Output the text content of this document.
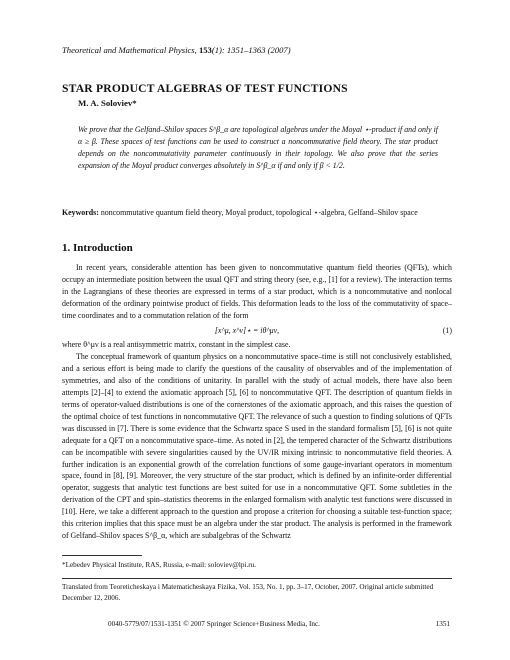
Theoretical and Mathematical Physics, 153(1): 1351–1363 (2007)
STAR PRODUCT ALGEBRAS OF TEST FUNCTIONS
M. A. Soloviev*

We prove that the Gelfand–Shilov spaces S^β_α are topological algebras under the Moyal ⋆-product if and only if α ≥ β. These spaces of test functions can be used to construct a noncommutative field theory. The star product depends on the noncommutativity parameter continuously in their topology. We also prove that the series expansion of the Moyal product converges absolutely in S^β_α if and only if β < 1/2.

Keywords: noncommutative quantum field theory, Moyal product, topological ⋆-algebra, Gelfand–Shilov space
1. Introduction

In recent years, considerable attention has been given to noncommutative quantum field theories (QFTs), which occupy an intermediate position between the usual QFT and string theory (see, e.g., [1] for a review). The interaction terms in the Lagrangians of these theories are expressed in terms of a star product, which is a noncommutative and nonlocal deformation of the ordinary pointwise product of fields. This deformation leads to the loss of the commutativity of space–time coordinates and to a commutation relation of the form

[x^μ, x^ν]⋆ = iθ^μν,	(1)

where θ^μν is a real antisymmetric matrix, constant in the simplest case.

The conceptual framework of quantum physics on a noncommutative space–time is still not conclusively established, and a serious effort is being made to clarify the questions of the causality of observables and of the implementation of symmetries, and also of the conditions of unitarity. In parallel with the study of actual models, there have also been attempts [2]–[4] to extend the axiomatic approach [5], [6] to noncommutative QFT. The description of quantum fields in terms of operator-valued distributions is one of the cornerstones of the axiomatic approach, and this raises the question of the optimal choice of test functions in noncommutative QFT. The relevance of such a question to finding solutions of QFTs was discussed in [7]. There is some evidence that the Schwartz space S used in the standard formalism [5], [6] is not quite adequate for a QFT on a noncommutative space–time. As noted in [2], the tempered character of the Schwartz distributions can be incompatible with severe singularities caused by the UV/IR mixing intrinsic to noncommutative field theories. A further indication is an exponential growth of the correlation functions of some gauge-invariant operators in momentum space, found in [8], [9]. Moreover, the very structure of the star product, which is defined by an infinite-order differential operator, suggests that analytic test functions are best suited for use in a noncommutative QFT. Some subtleties in the derivation of the CPT and spin–statistics theorems in the enlarged formalism with analytic test functions were discussed in [10]. Here, we take a different approach to the question and propose a criterion for choosing a suitable test-function space; this criterion implies that this space must be an algebra under the star product. The analysis is performed in the framework of Gelfand–Shilov spaces S^β_α, which are subalgebras of the Schwartz

*Lebedev Physical Institute, RAS, Russia, e-mail: soloviev@lpi.ru.
Translated from Teoreticheskaya i Matematicheskaya Fizika, Vol. 153, No. 1, pp. 3–17, October, 2007. Original article submitted December 12, 2006.
0040-5779/07/1531-1351 © 2007 Springer Science+Business Media, Inc.	1351
